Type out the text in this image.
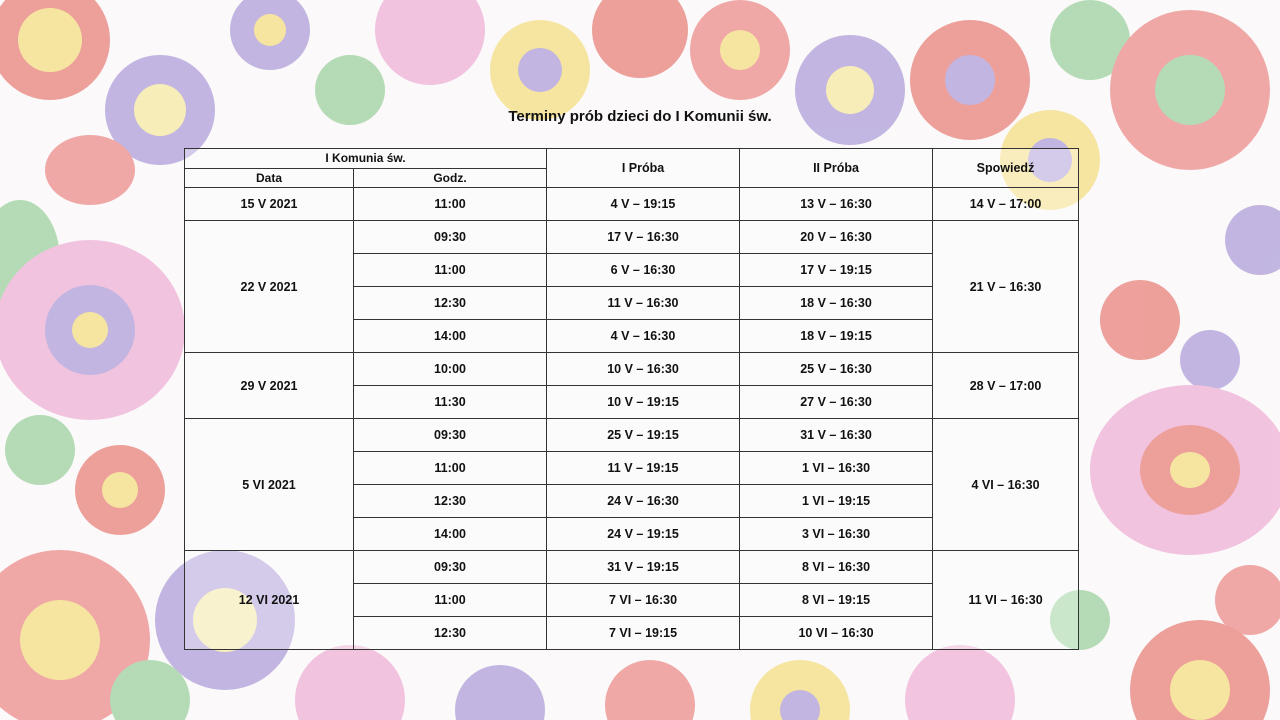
Terminy prób dzieci do I Komunii św.
I Komunia św.		I Próba	II Próba	Spowiedź
Data	Godz.			
15 V 2021	11:00	4 V – 19:15	13 V – 16:30	14 V – 17:00
22 V 2021	09:30	17 V – 16:30	20 V – 16:30	21 V – 16:30
	11:00	6 V – 16:30	17 V – 19:15	
	12:30	11 V – 16:30	18 V – 16:30	
	14:00	4 V – 16:30	18 V – 19:15	
29 V 2021	10:00	10 V – 16:30	25 V – 16:30	28 V – 17:00
	11:30	10 V – 19:15	27 V – 16:30	
5 VI 2021	09:30	25 V – 19:15	31 V – 16:30	4 VI – 16:30
	11:00	11 V – 19:15	1 VI – 16:30	
	12:30	24 V – 16:30	1 VI – 19:15	
	14:00	24 V – 19:15	3 VI – 16:30	
12 VI 2021	09:30	31 V – 19:15	8 VI – 16:30	11 VI – 16:30
	11:00	7 VI – 16:30	8 VI – 19:15	
	12:30	7 VI – 19:15	10 VI – 16:30	
